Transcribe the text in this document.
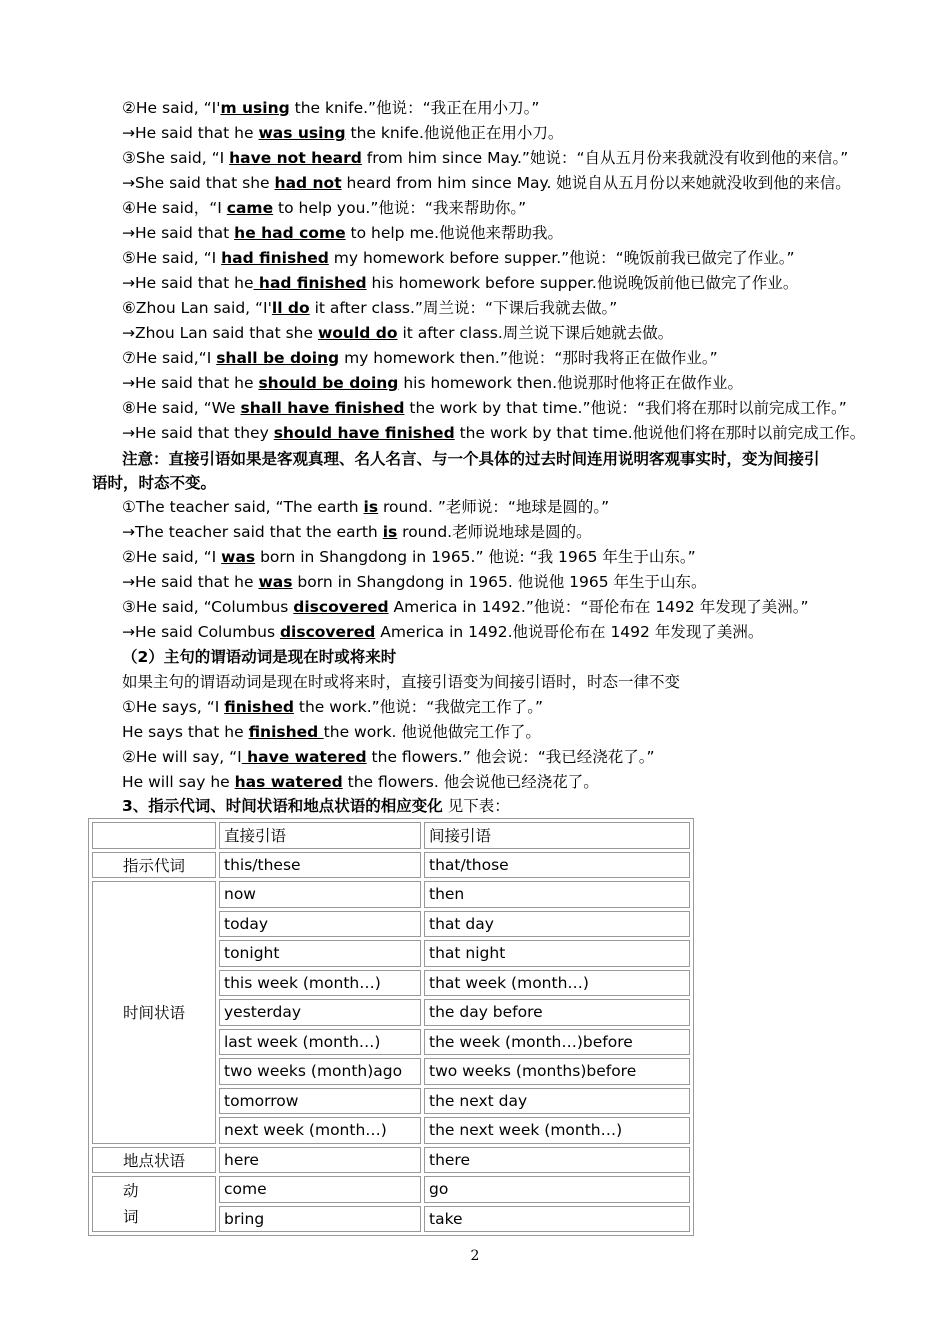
②He said, “I'm using the knife.”他说：“我正在用小刀。”
→He said that he was using the knife.他说他正在用小刀。
③She said, “I have not heard from him since May.”她说：“自从五月份来我就没有收到他的来信。”
→She said that she had not heard from him since May. 她说自从五月份以来她就没收到他的来信。
④He said，“I came to help you.”他说：“我来帮助你。”
→He said that he had come to help me.他说他来帮助我。
⑤He said, “I had finished my homework before supper.”他说：“晚饭前我已做完了作业。”
→He said that he had finished his homework before supper.他说晚饭前他已做完了作业。
⑥Zhou Lan said, “I'll do it after class.”周兰说：“下课后我就去做。”
→Zhou Lan said that she would do it after class.周兰说下课后她就去做。
⑦He said,“I shall be doing my homework then.”他说：“那时我将正在做作业。”
→He said that he should be doing his homework then.他说那时他将正在做作业。
⑧He said, “We shall have finished the work by that time.”他说：“我们将在那时以前完成工作。”
→He said that they should have finished the work by that time.他说他们将在那时以前完成工作。
注意：直接引语如果是客观真理、名人名言、与一个具体的过去时间连用说明客观事实时，变为间接引
语时，时态不变。
①The teacher said, “The earth is round. ”老师说：“地球是圆的。”
→The teacher said that the earth is round.老师说地球是圆的。
②He said, “I was born in Shangdong in 1965.” 他说: “我 1965 年生于山东。”
→He said that he was born in Shangdong in 1965. 他说他 1965 年生于山东。
③He said, “Columbus discovered America in 1492.”他说：“哥伦布在 1492 年发现了美洲。”
→He said Columbus discovered America in 1492.他说哥伦布在 1492 年发现了美洲。
（2）主句的谓语动词是现在时或将来时
如果主句的谓语动词是现在时或将来时，直接引语变为间接引语时，时态一律不变
①He says, “I finished the work.”他说：“我做完工作了。”
He says that he finished the work. 他说他做完工作了。
②He will say, “I have watered the flowers.” 他会说：“我已经浇花了。”
He will say he has watered the flowers. 他会说他已经浇花了。
3、指示代词、时间状语和地点状语的相应变化 见下表：
	直接引语	间接引语
指示代词	this/these	that/those
时间状语	now	then
	today	that day
	tonight	that night
	this week (month…)	that week (month…)
	yesterday	the day before
	last week (month…)	the week (month…)before
	two weeks (month)ago	two weeks (months)before
	tomorrow	the next day
	next week (month…)	the next week (month…)
地点状语	here	there
动
词	come	go
	bring	take
2
